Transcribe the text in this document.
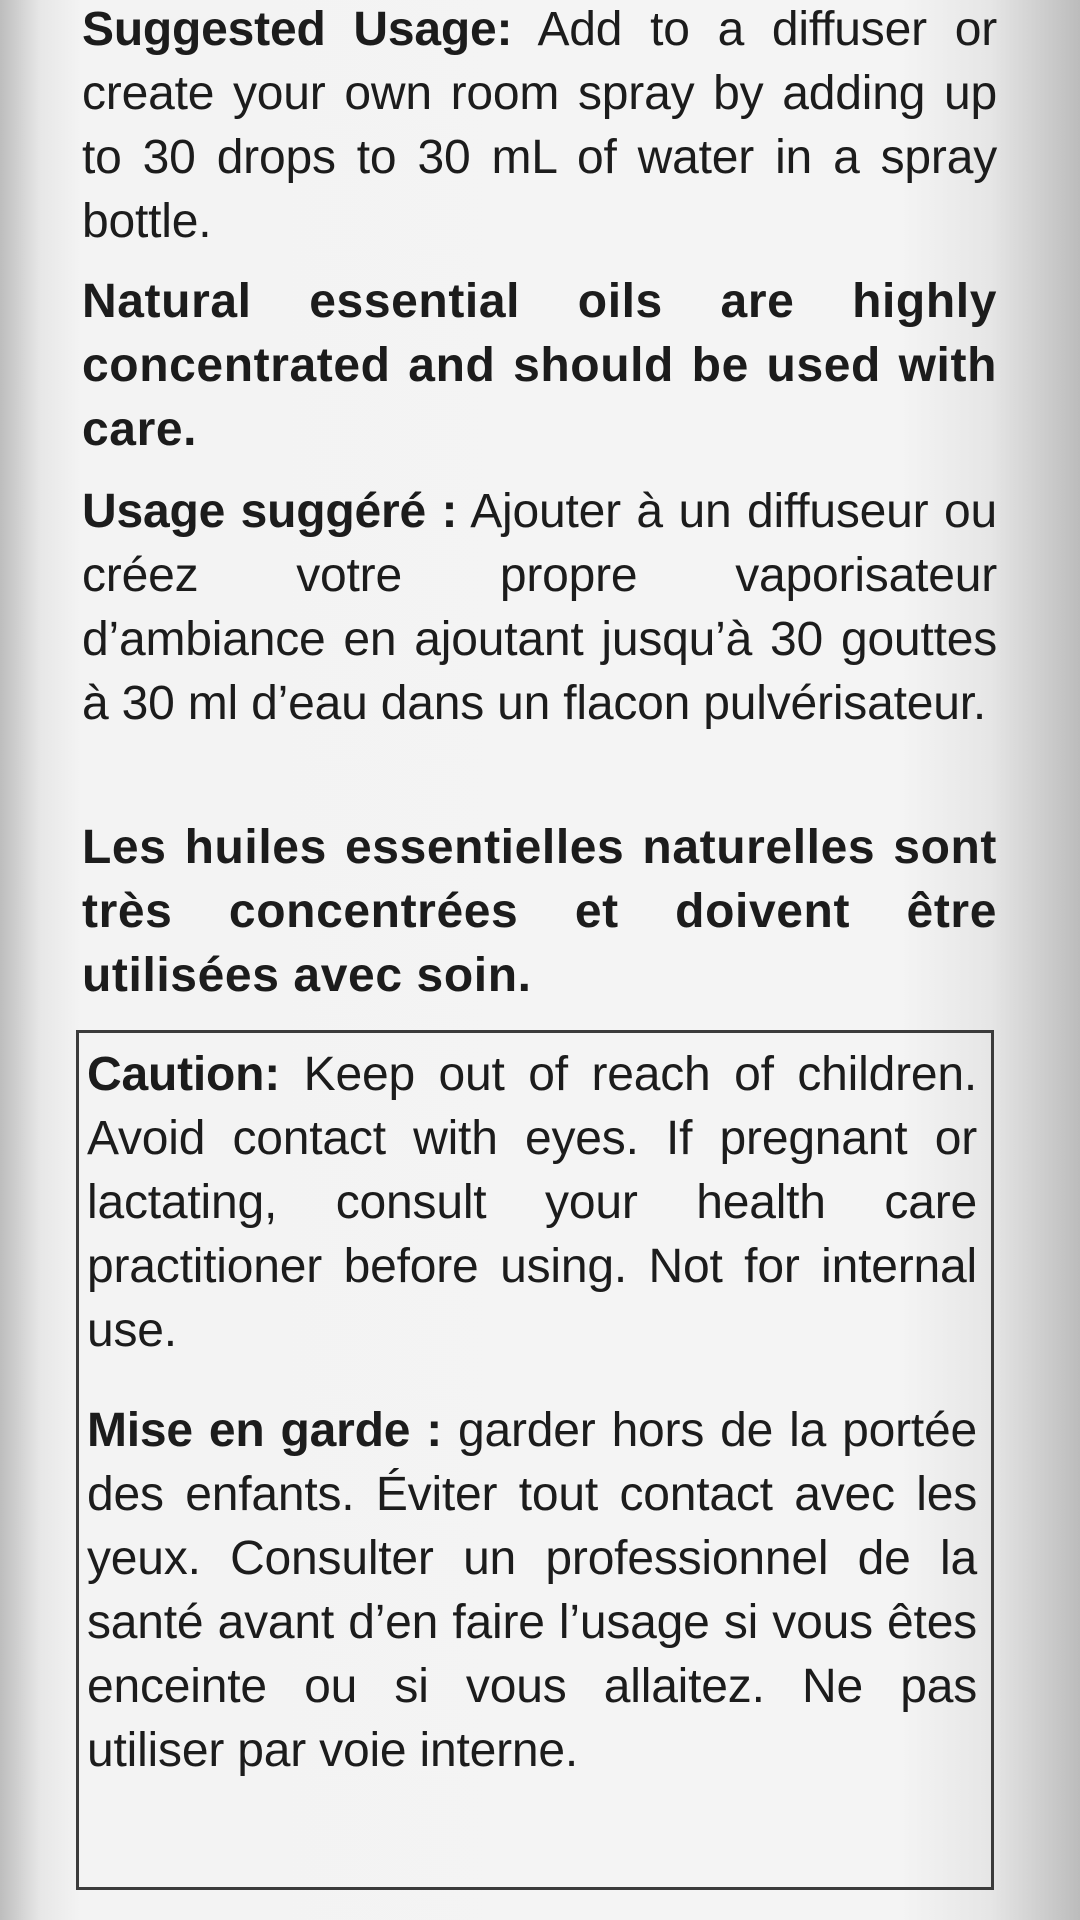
Suggested Usage: Add to a diffuser or create your own room spray by adding up to 30 drops to 30 mL of water in a spray bottle.
Natural essential oils are highly concentrated and should be used with care.
Usage suggéré : Ajouter à un diffuseur ou créez votre propre vaporisateur d’ambiance en ajoutant jusqu’à 30 gouttes à 30 ml d’eau dans un flacon pulvérisateur.
Les huiles essentielles naturelles sont très concentrées et doivent être utilisées avec soin.
Caution: Keep out of reach of children. Avoid contact with eyes. If pregnant or lactating, consult your health care practitioner before using. Not for internal use.
Mise en garde : garder hors de la portée des enfants. Éviter tout contact avec les yeux. Consulter un professionnel de la santé avant d’en faire l’usage si vous êtes enceinte ou si vous allaitez. Ne pas utiliser par voie interne.
